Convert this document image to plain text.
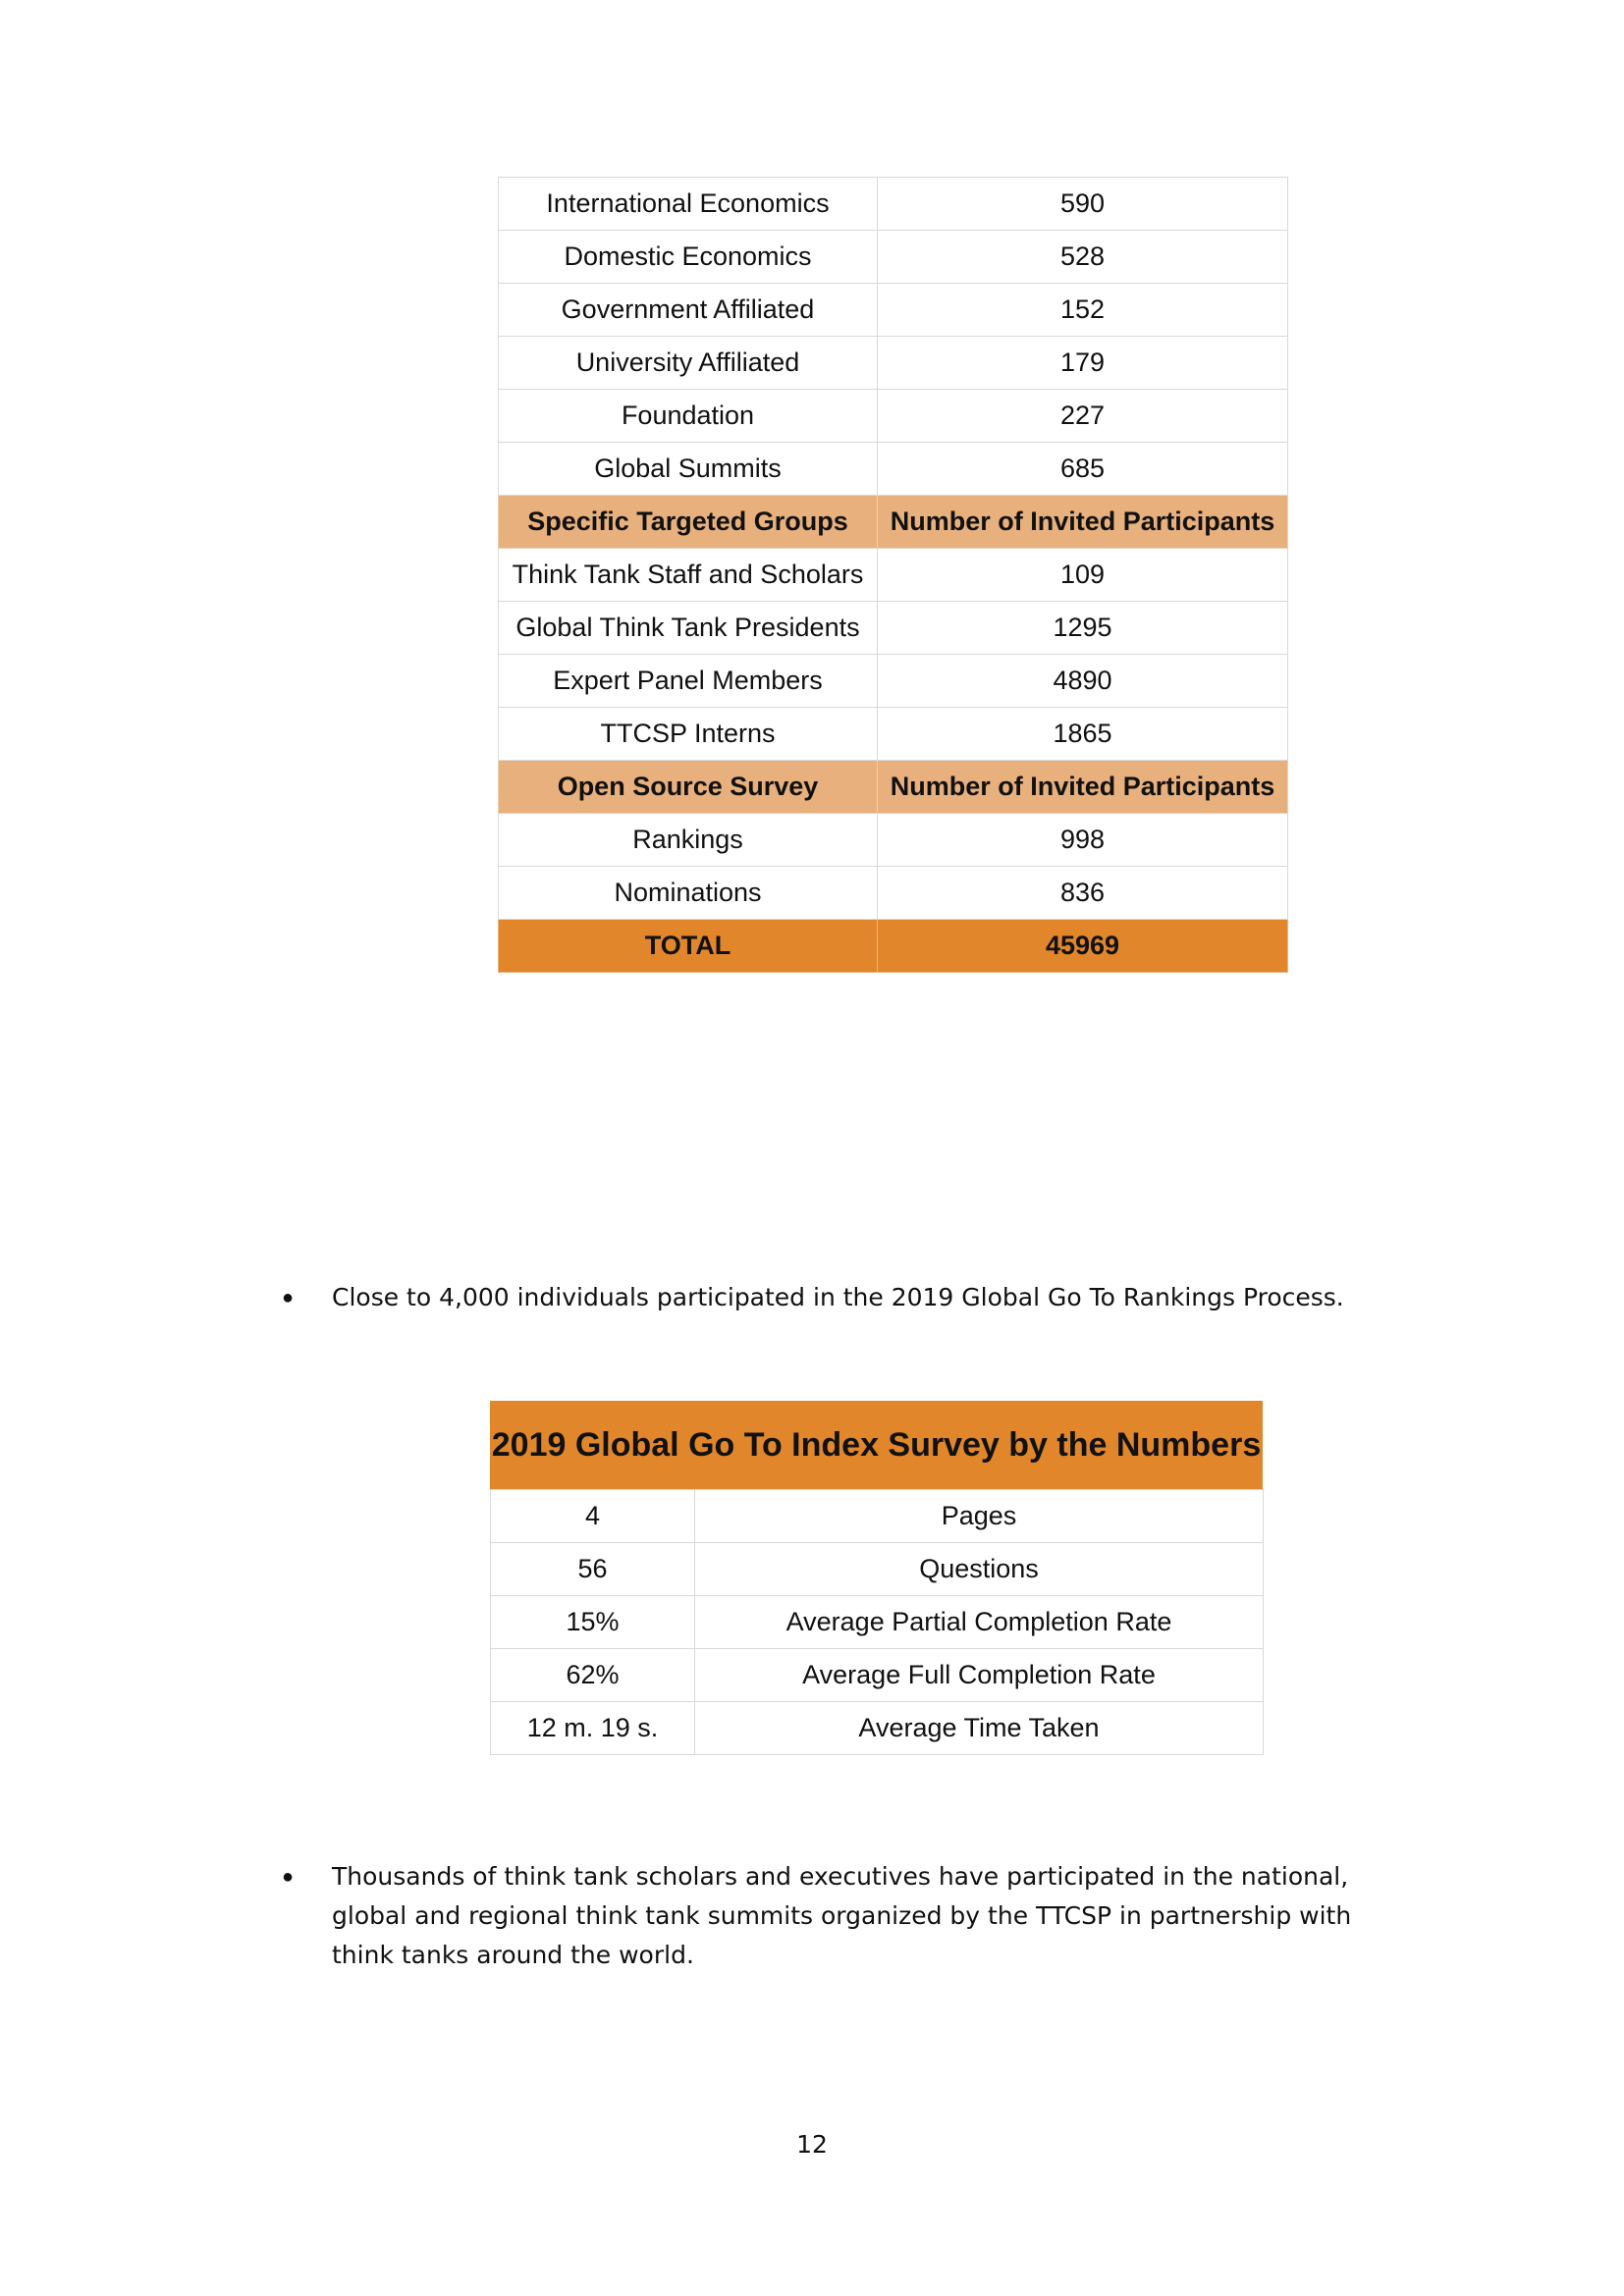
International Economics	590
Domestic Economics	528
Government Affiliated	152
University Affiliated	179
Foundation	227
Global Summits	685
Specific Targeted Groups	Number of Invited Participants
Think Tank Staff and Scholars	109
Global Think Tank Presidents	1295
Expert Panel Members	4890
TTCSP Interns	1865
Open Source Survey	Number of Invited Participants
Rankings	998
Nominations	836
TOTAL	45969
● Close to 4,000 individuals participated in the 2019 Global Go To Rankings Process.
2019 Global Go To Index Survey by the Numbers
4	Pages
56	Questions
15%	Average Partial Completion Rate
62%	Average Full Completion Rate
12 m. 19 s.	Average Time Taken
● Thousands of think tank scholars and executives have participated in the national, global and regional think tank summits organized by the TTCSP in partnership with think tanks around the world.
12
